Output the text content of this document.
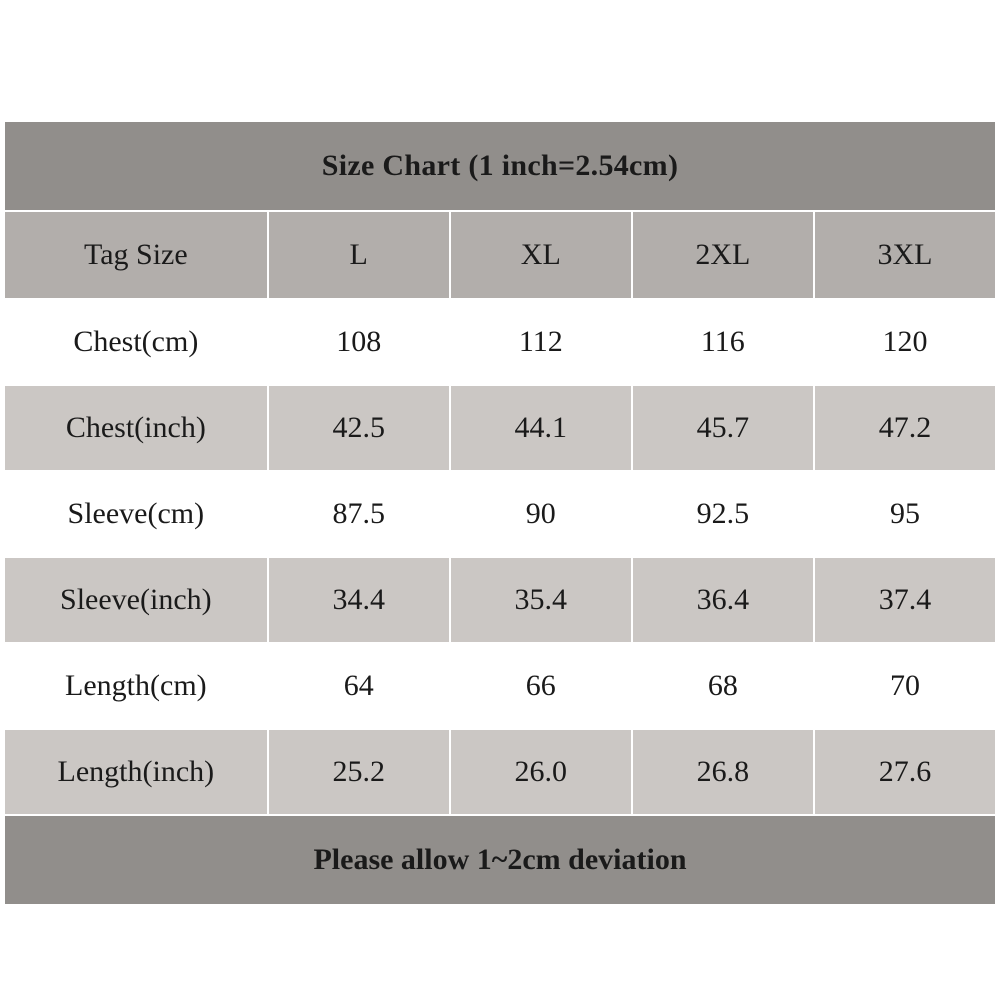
Size Chart (1 inch=2.54cm)				
Tag Size	L	XL	2XL	3XL
Chest(cm)	108	112	116	120
Chest(inch)	42.5	44.1	45.7	47.2
Sleeve(cm)	87.5	90	92.5	95
Sleeve(inch)	34.4	35.4	36.4	37.4
Length(cm)	64	66	68	70
Length(inch)	25.2	26.0	26.8	27.6
Please allow 1~2cm deviation				
